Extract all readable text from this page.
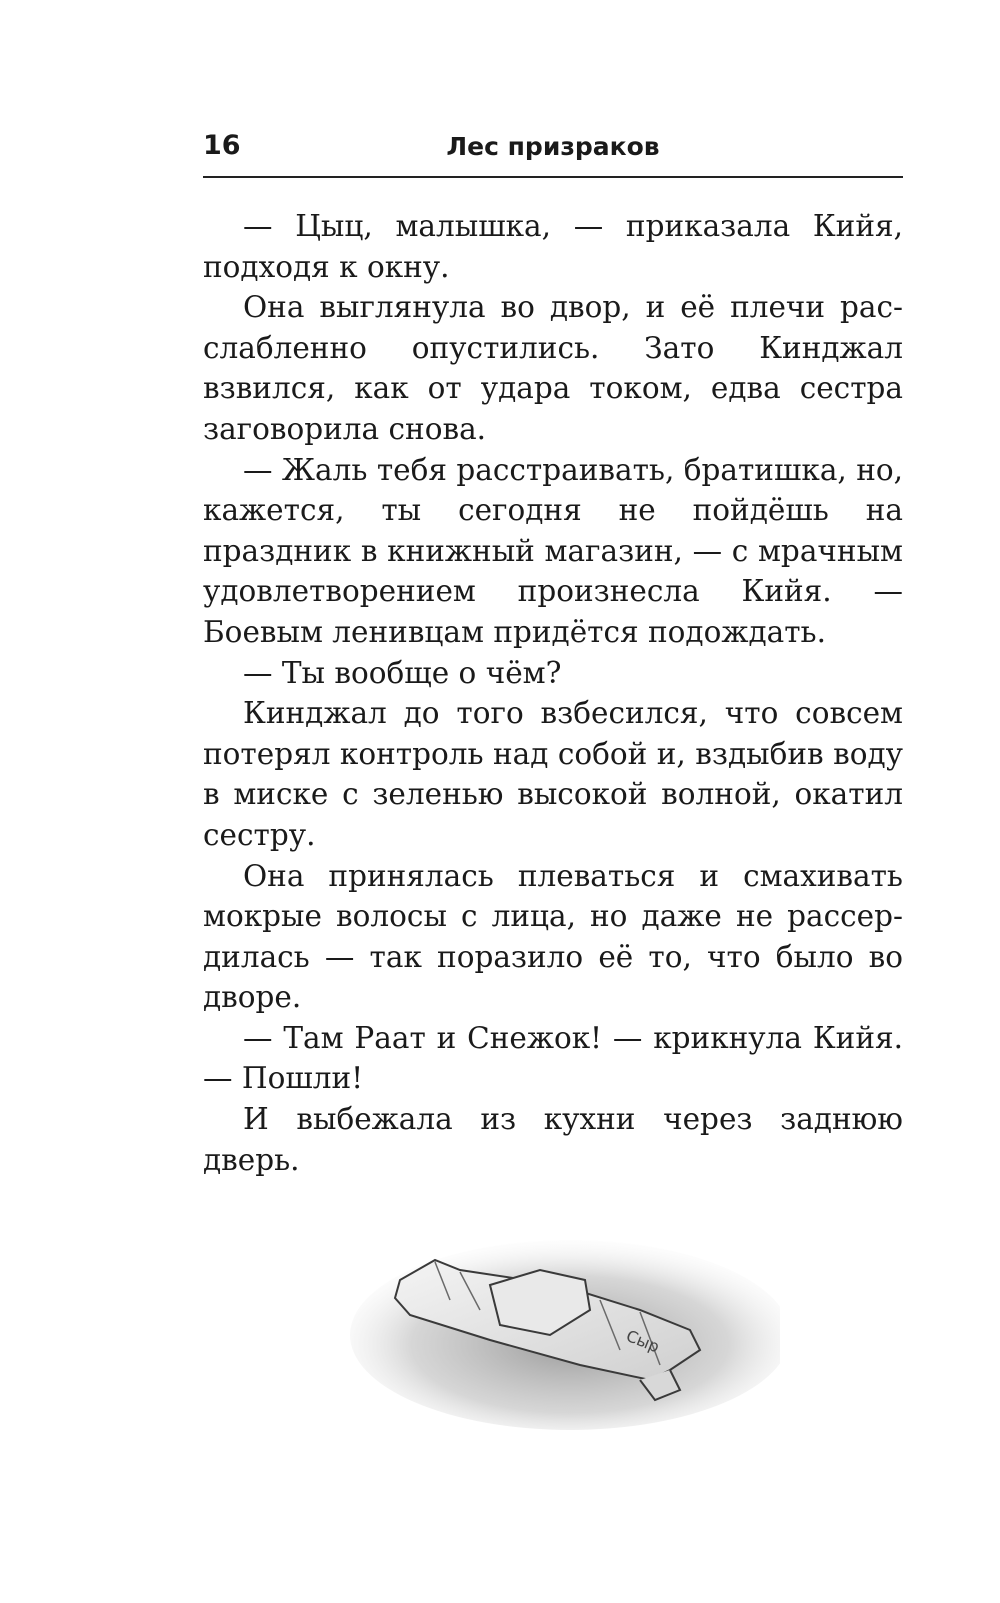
16	Лес призраков

— Цыц, малышка, — приказала Кийя, подходя к окну.

Она выглянула во двор, и её плечи расслабленно опустились. Зато Кинджал взвился, как от удара током, едва сестра заговорила снова.

— Жаль тебя расстраивать, братишка, но, кажется, ты сегодня не пойдёшь на праздник в книжный магазин, — с мрачным удовлетворением произнесла Кийя. — Боевым ленивцам придётся подождать.

— Ты вообще о чём?

Кинджал до того взбесился, что совсем потерял контроль над собой и, вздыбив воду в миске с зеленью высокой волной, окатил сестру.

Она принялась плеваться и смахивать мокрые волосы с лица, но даже не рассердилась — так поразило её то, что было во дворе.

— Там Раат и Снежок! — крикнула Кийя. — Пошли!

И выбежала из кухни через заднюю дверь.

Сыр
